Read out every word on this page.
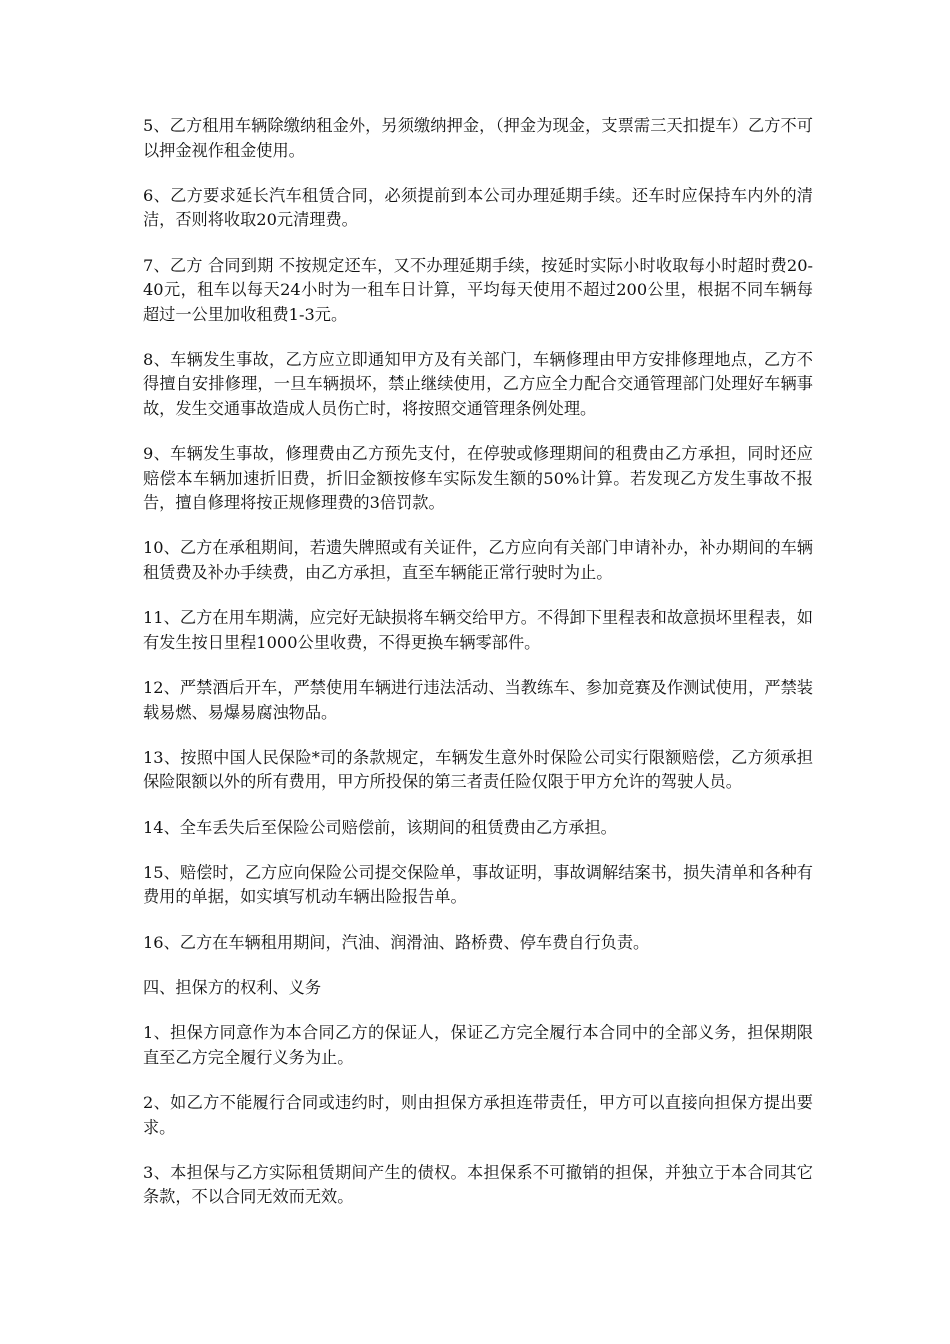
5、乙方租用车辆除缴纳租金外，另须缴纳押金，（押金为现金，支票需三天扣提车）乙方不可以押金视作租金使用。

6、乙方要求延长汽车租赁合同，必须提前到本公司办理延期手续。还车时应保持车内外的清洁，否则将收取20元清理费。

7、乙方 合同到期 不按规定还车，又不办理延期手续，按延时实际小时收取每小时超时费20-40元，租车以每天24小时为一租车日计算，平均每天使用不超过200公里，根据不同车辆每超过一公里加收租费1-3元。

8、车辆发生事故，乙方应立即通知甲方及有关部门，车辆修理由甲方安排修理地点，乙方不得擅自安排修理，一旦车辆损坏，禁止继续使用，乙方应全力配合交通管理部门处理好车辆事故，发生交通事故造成人员伤亡时，将按照交通管理条例处理。

9、车辆发生事故，修理费由乙方预先支付，在停驶或修理期间的租费由乙方承担，同时还应赔偿本车辆加速折旧费，折旧金额按修车实际发生额的50%计算。若发现乙方发生事故不报告，擅自修理将按正规修理费的3倍罚款。

10、乙方在承租期间，若遗失牌照或有关证件，乙方应向有关部门申请补办，补办期间的车辆租赁费及补办手续费，由乙方承担，直至车辆能正常行驶时为止。

11、乙方在用车期满，应完好无缺损将车辆交给甲方。不得卸下里程表和故意损坏里程表，如有发生按日里程1000公里收费，不得更换车辆零部件。

12、严禁酒后开车，严禁使用车辆进行违法活动、当教练车、参加竞赛及作测试使用，严禁装载易燃、易爆易腐浊物品。

13、按照中国人民保险*司的条款规定，车辆发生意外时保险公司实行限额赔偿，乙方须承担保险限额以外的所有费用，甲方所投保的第三者责任险仅限于甲方允许的驾驶人员。

14、全车丢失后至保险公司赔偿前，该期间的租赁费由乙方承担。

15、赔偿时，乙方应向保险公司提交保险单，事故证明，事故调解结案书，损失清单和各种有费用的单据，如实填写机动车辆出险报告单。

16、乙方在车辆租用期间，汽油、润滑油、路桥费、停车费自行负责。

四、担保方的权利、义务

1、担保方同意作为本合同乙方的保证人，保证乙方完全履行本合同中的全部义务，担保期限直至乙方完全履行义务为止。

2、如乙方不能履行合同或违约时，则由担保方承担连带责任，甲方可以直接向担保方提出要求。

3、本担保与乙方实际租赁期间产生的债权。本担保系不可撤销的担保，并独立于本合同其它条款，不以合同无效而无效。
